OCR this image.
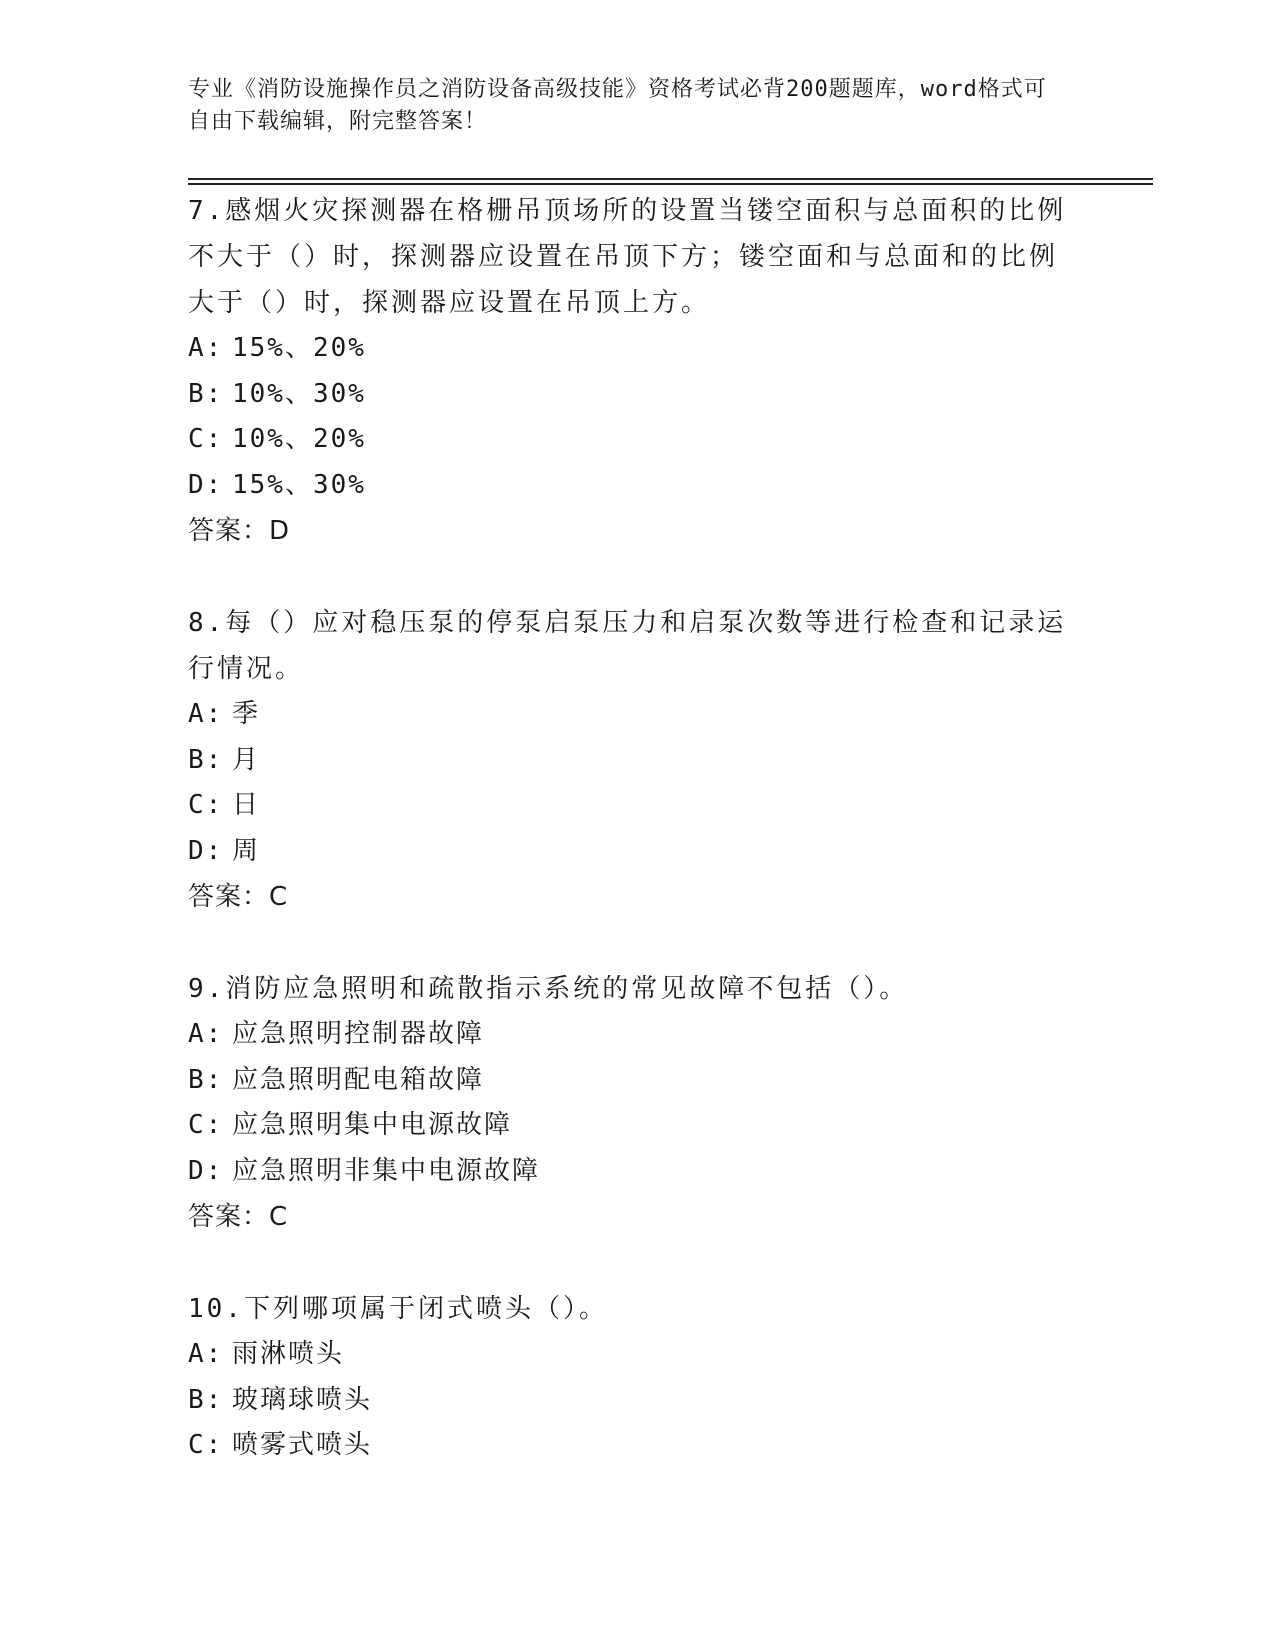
专业《消防设施操作员之消防设备高级技能》资格考试必背200题题库，word格式可自由下载编辑，附完整答案！

7.感烟火灾探测器在格栅吊顶场所的设置当镂空面积与总面积的比例不大于（）时，探测器应设置在吊顶下方；镂空面和与总面和的比例大于（）时，探测器应设置在吊顶上方。

A: 15%、20%

B: 10%、30%

C: 10%、20%

D: 15%、30%

答案：D

8.每（）应对稳压泵的停泵启泵压力和启泵次数等进行检查和记录运行情况。

A: 季

B: 月

C: 日

D: 周

答案：C

9.消防应急照明和疏散指示系统的常见故障不包括（）。

A: 应急照明控制器故障

B: 应急照明配电箱故障

C: 应急照明集中电源故障

D: 应急照明非集中电源故障

答案：C

10.下列哪项属于闭式喷头（）。

A: 雨淋喷头

B: 玻璃球喷头

C: 喷雾式喷头
